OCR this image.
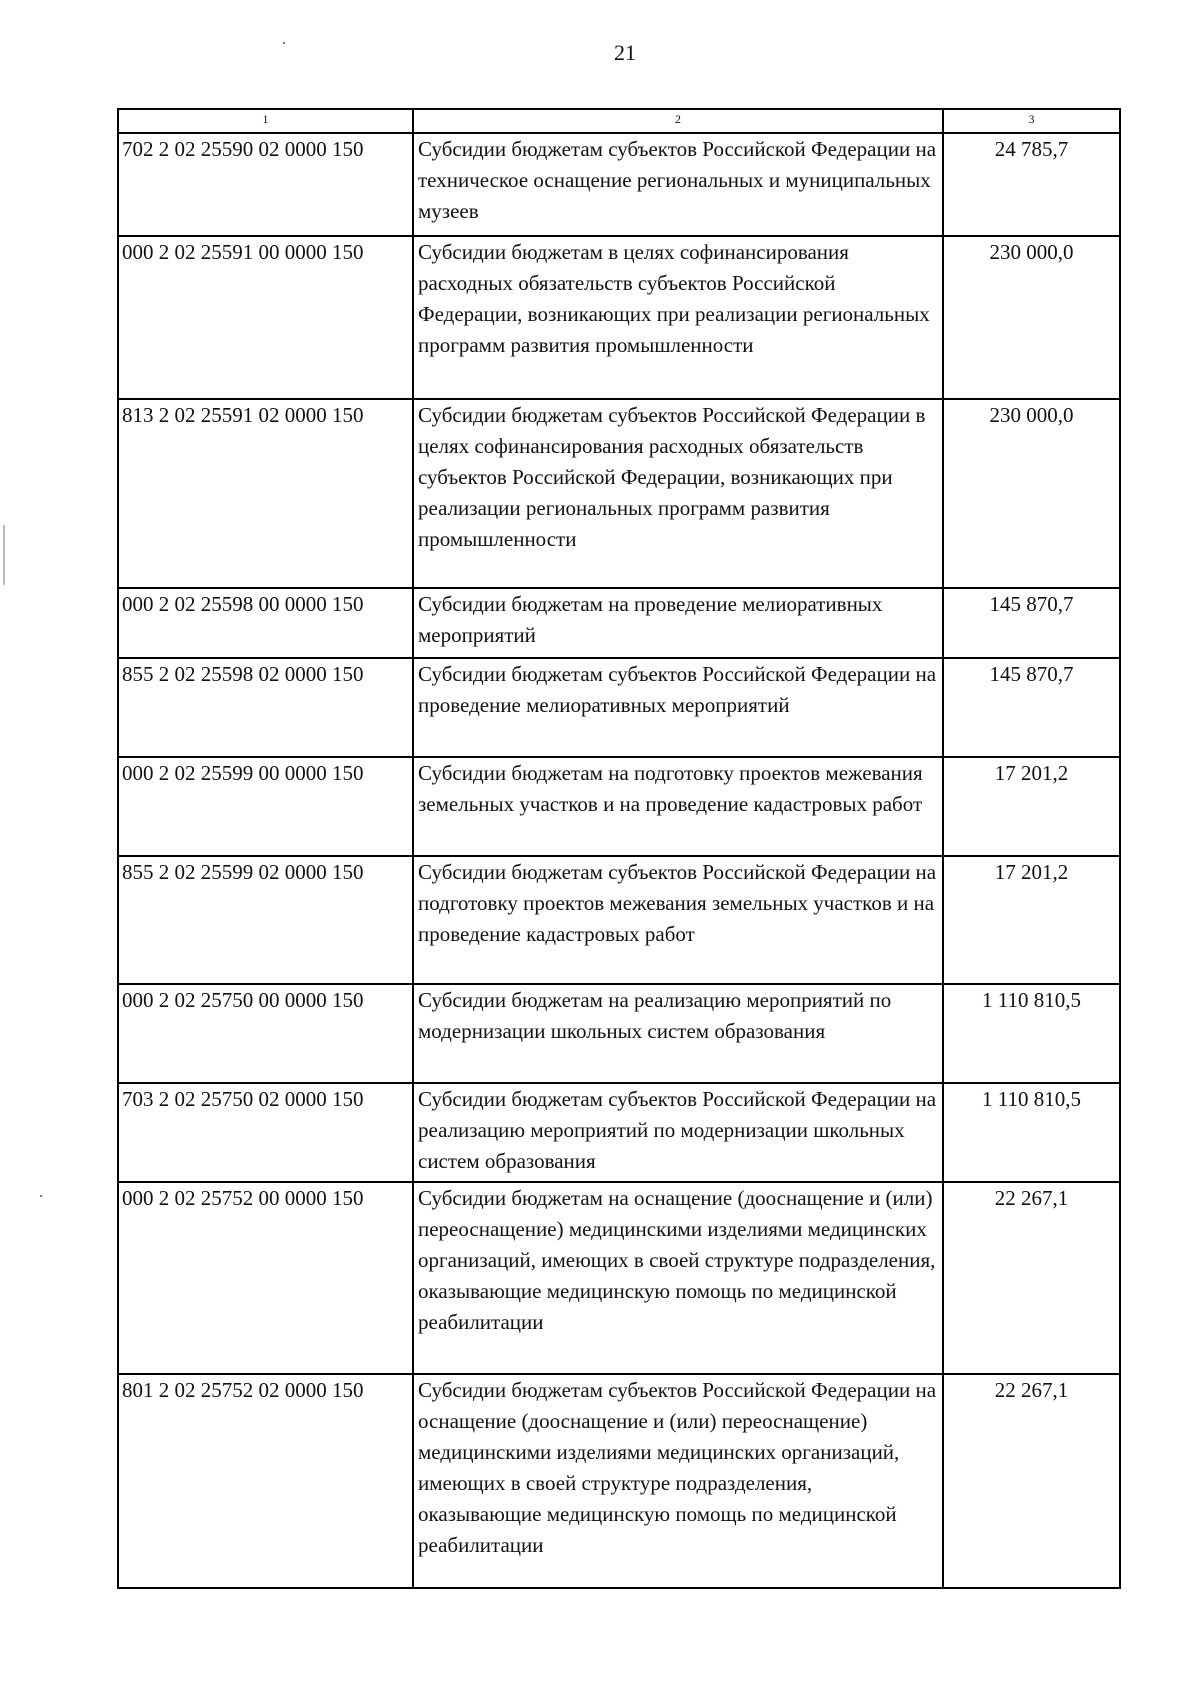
21
1	2	3
702 2 02 25590 02 0000 150	Субсидии бюджетам субъектов Российской Федерации на техническое оснащение региональных и муниципальных музеев	24 785,7
000 2 02 25591 00 0000 150	Субсидии бюджетам в целях софинансирования расходных обязательств субъектов Российской Федерации, возникающих при реализации региональных программ развития промышленности	230 000,0
813 2 02 25591 02 0000 150	Субсидии бюджетам субъектов Российской Федерации в целях софинансирования расходных обязательств субъектов Российской Федерации, возникающих при реализации региональных программ развития промышленности	230 000,0
000 2 02 25598 00 0000 150	Субсидии бюджетам на проведение мелиоративных мероприятий	145 870,7
855 2 02 25598 02 0000 150	Субсидии бюджетам субъектов Российской Федерации на проведение мелиоративных мероприятий	145 870,7
000 2 02 25599 00 0000 150	Субсидии бюджетам на подготовку проектов межевания земельных участков и на проведение кадастровых работ	17 201,2
855 2 02 25599 02 0000 150	Субсидии бюджетам субъектов Российской Федерации на подготовку проектов межевания земельных участков и на проведение кадастровых работ	17 201,2
000 2 02 25750 00 0000 150	Субсидии бюджетам на реализацию мероприятий по модернизации школьных систем образования	1 110 810,5
703 2 02 25750 02 0000 150	Субсидии бюджетам субъектов Российской Федерации на реализацию мероприятий по модернизации школьных систем образования	1 110 810,5
000 2 02 25752 00 0000 150	Субсидии бюджетам на оснащение (дооснащение и (или) переоснащение) медицинскими изделиями медицинских организаций, имеющих в своей структуре подразделения, оказывающие медицинскую помощь по медицинской реабилитации	22 267,1
801 2 02 25752 02 0000 150	Субсидии бюджетам субъектов Российской Федерации на оснащение (дооснащение и (или) переоснащение) медицинскими изделиями медицинских организаций, имеющих в своей структуре подразделения, оказывающие медицинскую помощь по медицинской реабилитации	22 267,1
